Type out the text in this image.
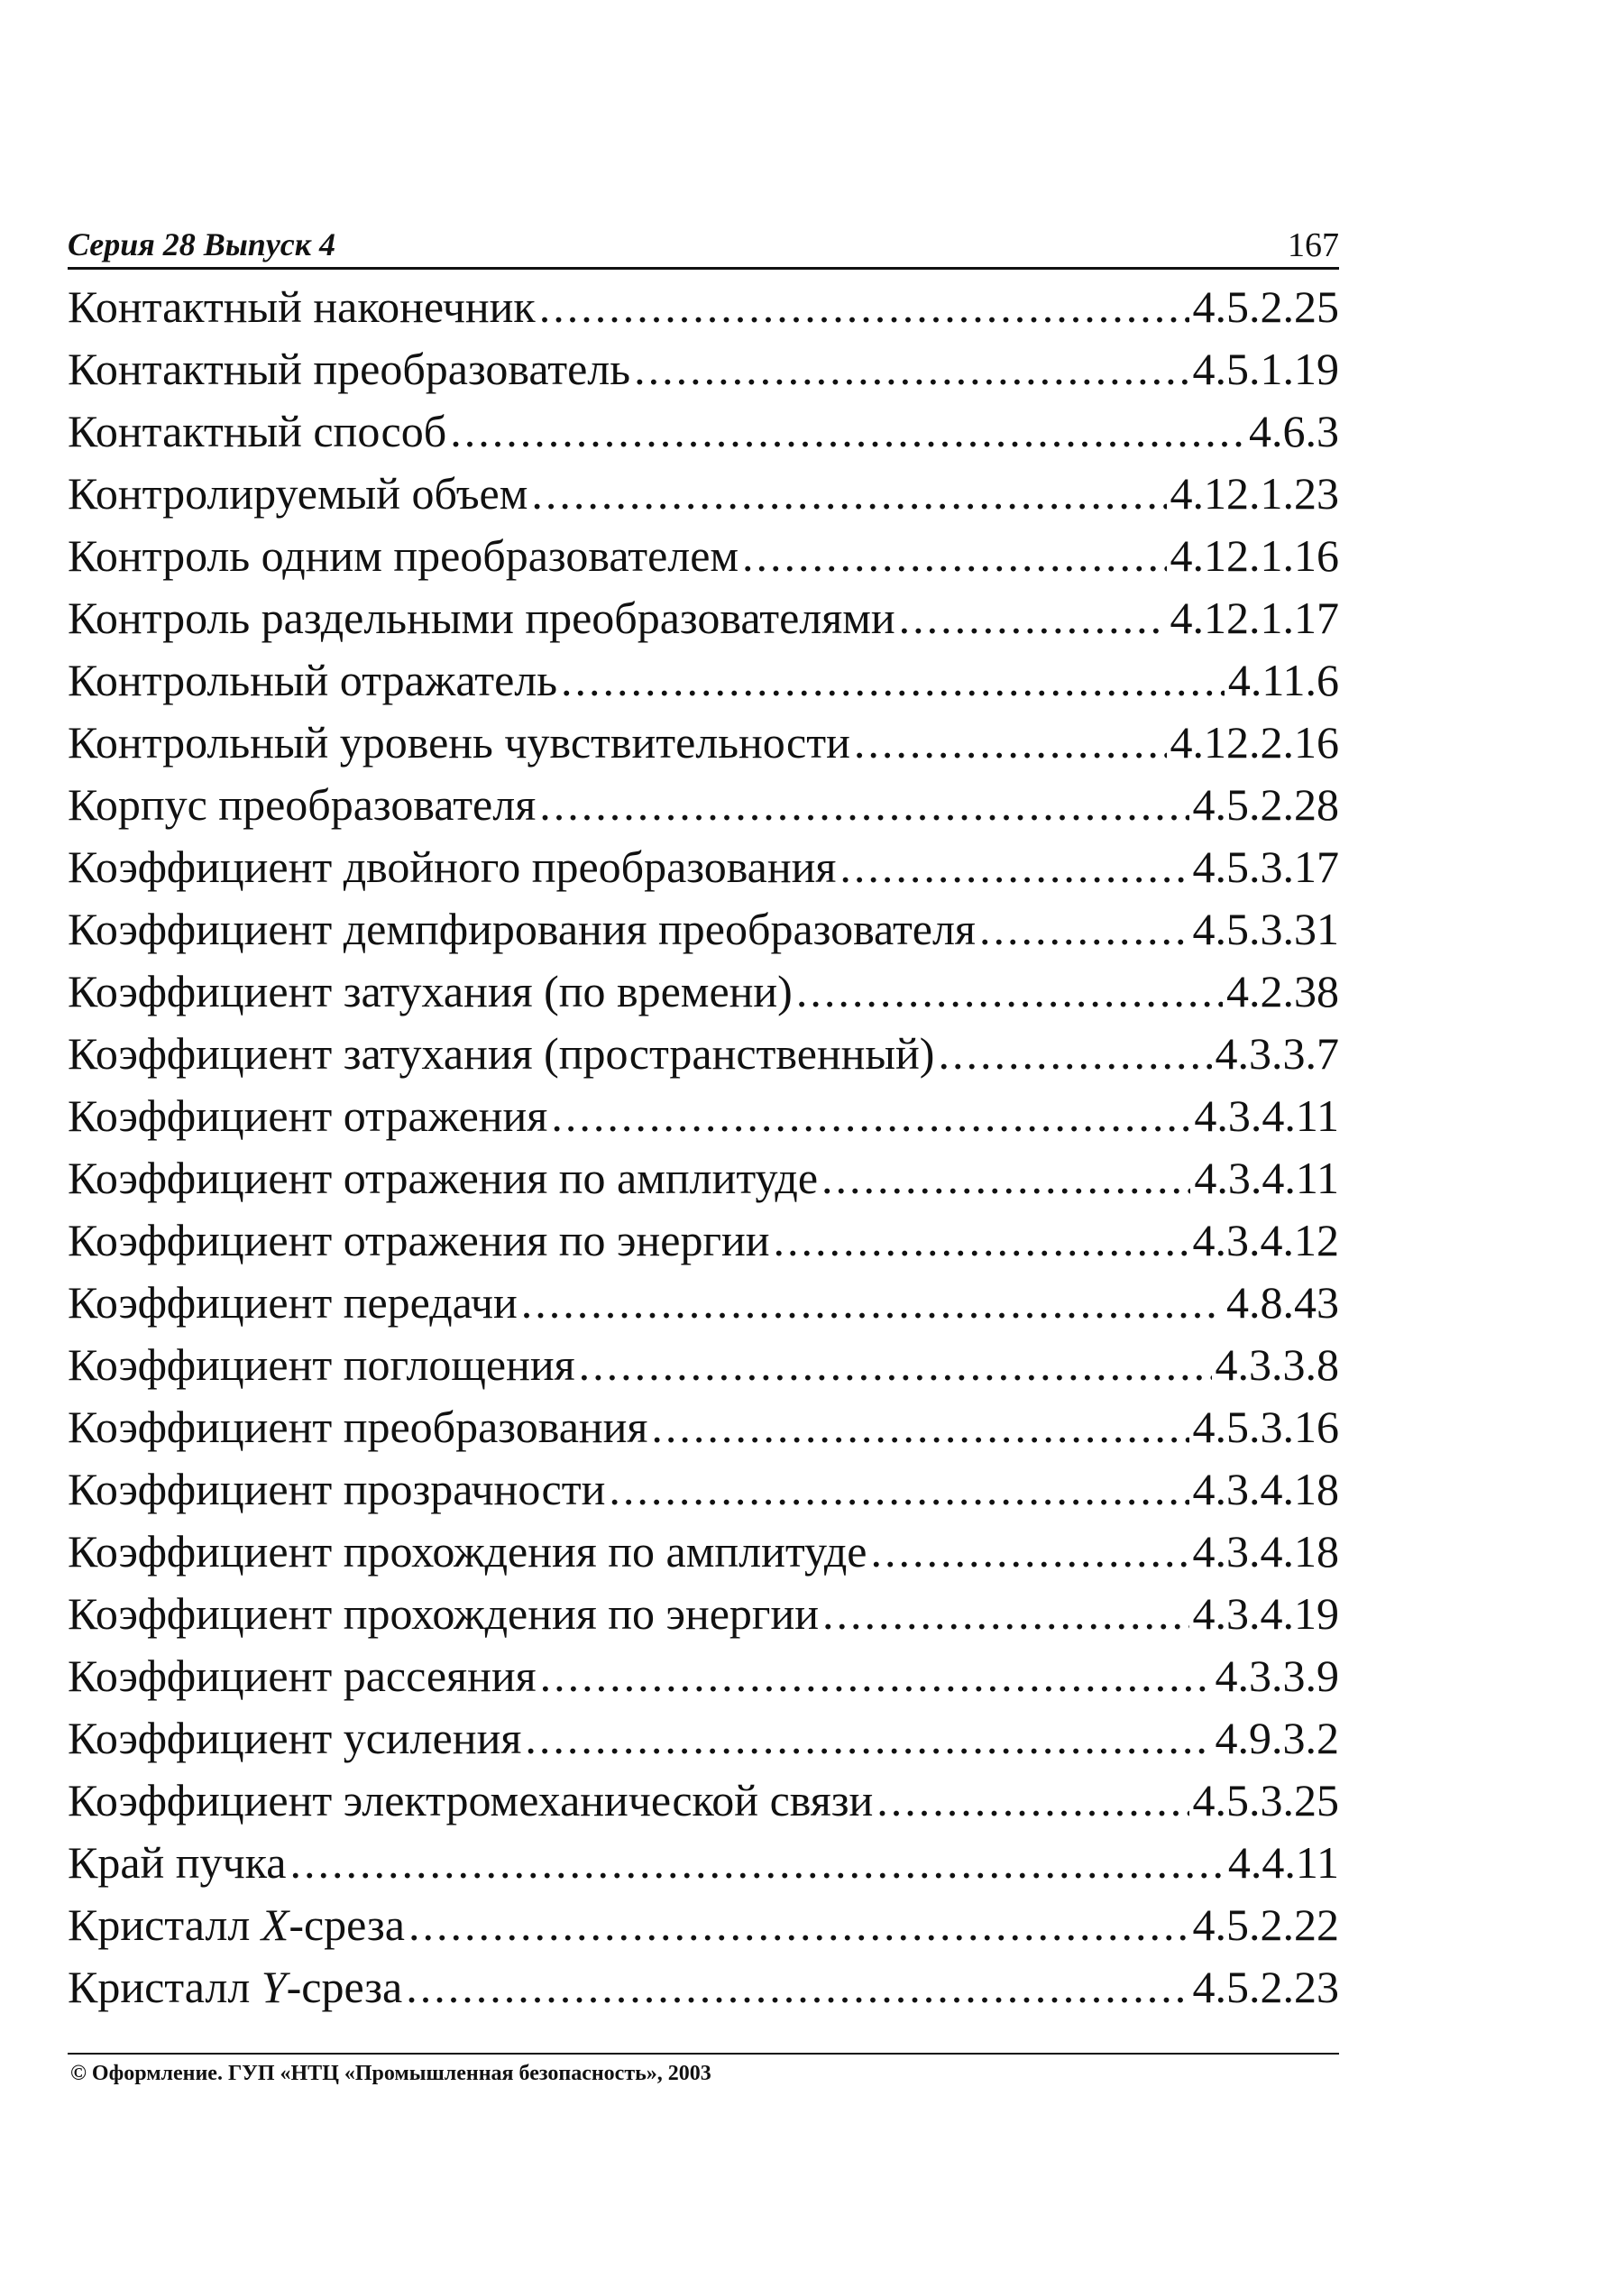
Серия 28 Выпуск 4	167
Контактный наконечник .....	4.5.2.25
Контактный преобразователь .....	4.5.1.19
Контактный способ .....	4.6.3
Контролируемый объем .....	4.12.1.23
Контроль одним преобразователем .....	4.12.1.16
Контроль раздельными преобразователями .....	4.12.1.17
Контрольный отражатель .....	4.11.6
Контрольный уровень чувствительности .....	4.12.2.16
Корпус преобразователя .....	4.5.2.28
Коэффициент двойного преобразования .....	4.5.3.17
Коэффициент демпфирования преобразователя .....	4.5.3.31
Коэффициент затухания (по времени) .....	4.2.38
Коэффициент затухания (пространственный) .....	4.3.3.7
Коэффициент отражения .....	4.3.4.11
Коэффициент отражения по амплитуде .....	4.3.4.11
Коэффициент отражения по энергии .....	4.3.4.12
Коэффициент передачи .....	4.8.43
Коэффициент поглощения .....	4.3.3.8
Коэффициент преобразования .....	4.5.3.16
Коэффициент прозрачности .....	4.3.4.18
Коэффициент прохождения по амплитуде .....	4.3.4.18
Коэффициент прохождения по энергии .....	4.3.4.19
Коэффициент рассеяния .....	4.3.3.9
Коэффициент усиления .....	4.9.3.2
Коэффициент электромеханической связи .....	4.5.3.25
Край пучка .....	4.4.11
Кристалл X-среза .....	4.5.2.22
Кристалл Y-среза .....	4.5.2.23
© Оформление. ГУП «НТЦ «Промышленная безопасность», 2003
